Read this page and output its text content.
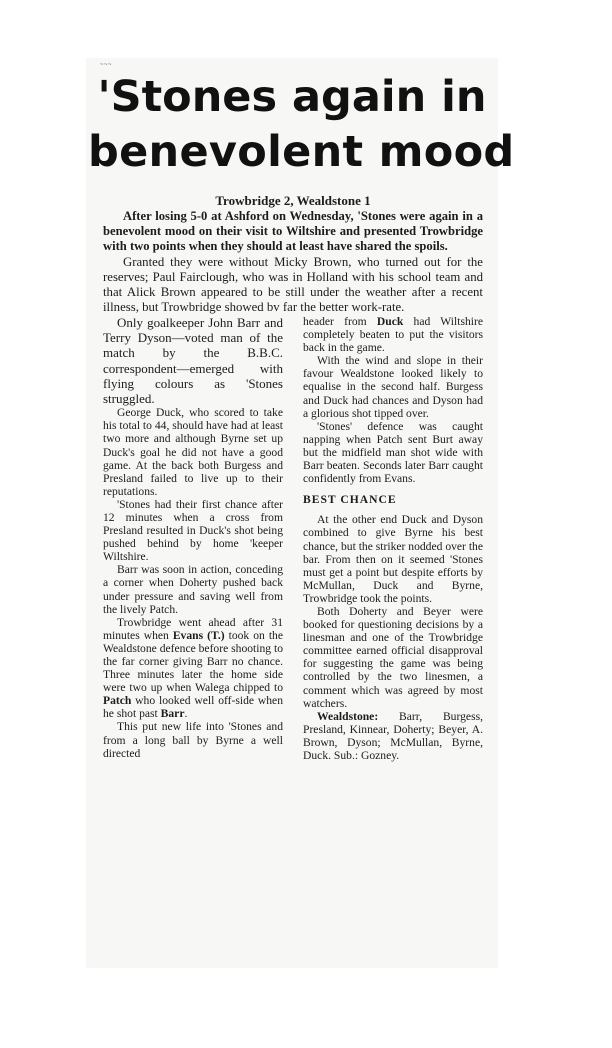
~~~
'Stones again in
benevolent mood

Trowbridge 2, Wealdstone 1

After losing 5-0 at Ashford on Wednesday, 'Stones were again in a benevolent mood on their visit to Wiltshire and presented Trowbridge with two points when they should at least have shared the spoils.

Granted they were without Micky Brown, who turned out for the reserves; Paul Fairclough, who was in Holland with his school team and that Alick Brown appeared to be still under the weather after a recent illness, but Trowbridge showed bv far the better work-rate.

Only goalkeeper John Barr and Terry Dyson—voted man of the match by the B.B.C. correspondent—emerged with flying colours as 'Stones struggled.

George Duck, who scored to take his total to 44, should have had at least two more and although Byrne set up Duck's goal he did not have a good game. At the back both Burgess and Presland failed to live up to their reputations.

'Stones had their first chance after 12 minutes when a cross from Presland resulted in Duck's shot being pushed behind by home 'keeper Wiltshire.

Barr was soon in action, conceding a corner when Doherty pushed back under pressure and saving well from the lively Patch.

Trowbridge went ahead after 31 minutes when Evans (T.) took on the Wealdstone defence before shooting to the far corner giving Barr no chance. Three minutes later the home side were two up when Walega chipped to Patch who looked well off-side when he shot past Barr.

This put new life into 'Stones and from a long ball by Byrne a well directed

header from Duck had Wiltshire completely beaten to put the visitors back in the game.

With the wind and slope in their favour Wealdstone looked likely to equalise in the second half. Burgess and Duck had chances and Dyson had a glorious shot tipped over.

'Stones' defence was caught napping when Patch sent Burt away but the midfield man shot wide with Barr beaten. Seconds later Barr caught confidently from Evans.

BEST CHANCE

At the other end Duck and Dyson combined to give Byrne his best chance, but the striker nodded over the bar. From then on it seemed 'Stones must get a point but despite efforts by McMullan, Duck and Byrne, Trowbridge took the points.

Both Doherty and Beyer were booked for questioning decisions by a linesman and one of the Trowbridge committee earned official disapproval for suggesting the game was being controlled by the two linesmen, a comment which was agreed by most watchers.

Wealdstone: Barr, Burgess, Presland, Kinnear, Doherty; Beyer, A. Brown, Dyson; McMullan, Byrne, Duck. Sub.: Gozney.
